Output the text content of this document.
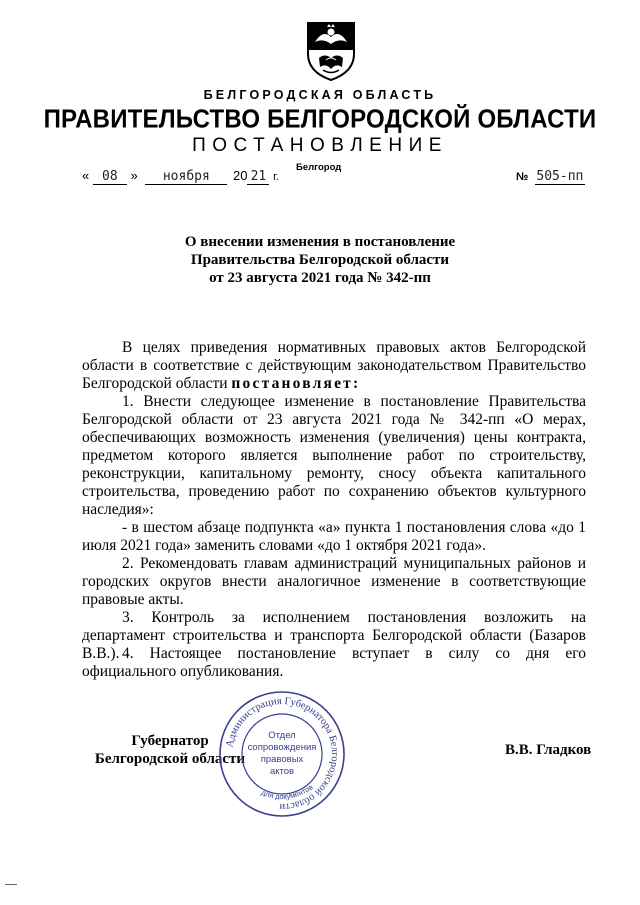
БЕЛГОРОДСКАЯ ОБЛАСТЬ
ПРАВИТЕЛЬСТВО БЕЛГОРОДСКОЙ ОБЛАСТИ
ПОСТАНОВЛЕНИЕ
Белгород
« 08 » ноября 20 21 г.	№ 505-пп
О внесении изменения в постановление
Правительства Белгородской области
от 23 августа 2021 года № 342-пп
В целях приведения нормативных правовых актов Белгородской области в соответствие с действующим законодательством Правительство Белгородской области постановляет:
1. Внести следующее изменение в постановление Правительства Белгородской области от 23 августа 2021 года № 342-пп «О мерах, обеспечивающих возможность изменения (увеличения) цены контракта, предметом которого является выполнение работ по строительству, реконструкции, капитальному ремонту, сносу объекта капитального строительства, проведению работ по сохранению объектов культурного наследия»:
- в шестом абзаце подпункта «а» пункта 1 постановления слова «до 1 июля 2021 года» заменить словами «до 1 октября 2021 года».
2. Рекомендовать главам администраций муниципальных районов и городских округов внести аналогичное изменение в соответствующие правовые акты.
3. Контроль за исполнением постановления возложить на департамент строительства и транспорта Белгородской области (Базаров В.В.). 4. Настоящее постановление вступает в силу со дня его официального опубликования.
Губернатор
Белгородской области
В.В. Гладков
Администрация Губернатора Белгородской области
для документов
Отдел
сопровождения
правовых
актов
